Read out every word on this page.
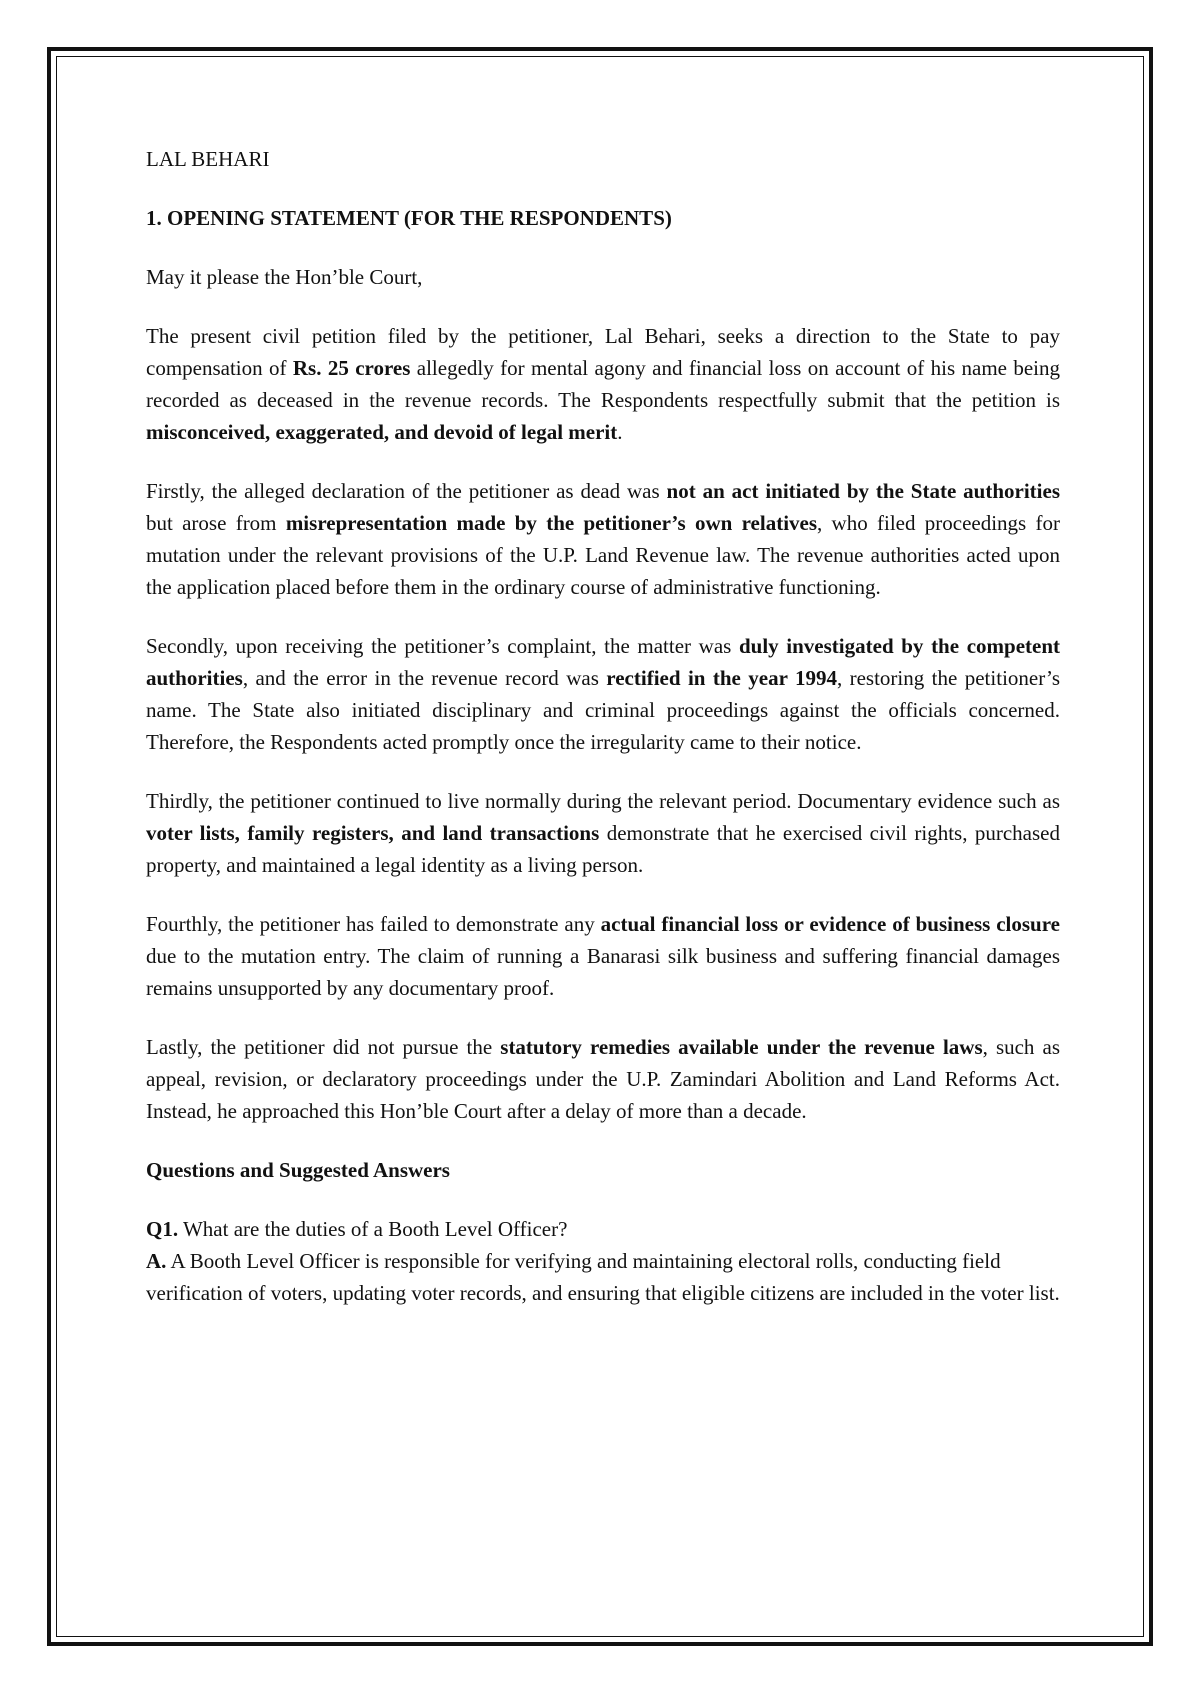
LAL BEHARI

1. OPENING STATEMENT (FOR THE RESPONDENTS)

May it please the Hon’ble Court,

The present civil petition filed by the petitioner, Lal Behari, seeks a direction to the State to pay compensation of Rs. 25 crores allegedly for mental agony and financial loss on account of his name being recorded as deceased in the revenue records. The Respondents respectfully submit that the petition is misconceived, exaggerated, and devoid of legal merit.

Firstly, the alleged declaration of the petitioner as dead was not an act initiated by the State authorities but arose from misrepresentation made by the petitioner’s own relatives, who filed proceedings for mutation under the relevant provisions of the U.P. Land Revenue law. The revenue authorities acted upon the application placed before them in the ordinary course of administrative functioning.

Secondly, upon receiving the petitioner’s complaint, the matter was duly investigated by the competent authorities, and the error in the revenue record was rectified in the year 1994, restoring the petitioner’s name. The State also initiated disciplinary and criminal proceedings against the officials concerned. Therefore, the Respondents acted promptly once the irregularity came to their notice.

Thirdly, the petitioner continued to live normally during the relevant period. Documentary evidence such as voter lists, family registers, and land transactions demonstrate that he exercised civil rights, purchased property, and maintained a legal identity as a living person.

Fourthly, the petitioner has failed to demonstrate any actual financial loss or evidence of business closure due to the mutation entry. The claim of running a Banarasi silk business and suffering financial damages remains unsupported by any documentary proof.

Lastly, the petitioner did not pursue the statutory remedies available under the revenue laws, such as appeal, revision, or declaratory proceedings under the U.P. Zamindari Abolition and Land Reforms Act. Instead, he approached this Hon’ble Court after a delay of more than a decade.

Questions and Suggested Answers

Q1. What are the duties of a Booth Level Officer?

A. A Booth Level Officer is responsible for verifying and maintaining electoral rolls, conducting field verification of voters, updating voter records, and ensuring that eligible citizens are included in the voter list.
